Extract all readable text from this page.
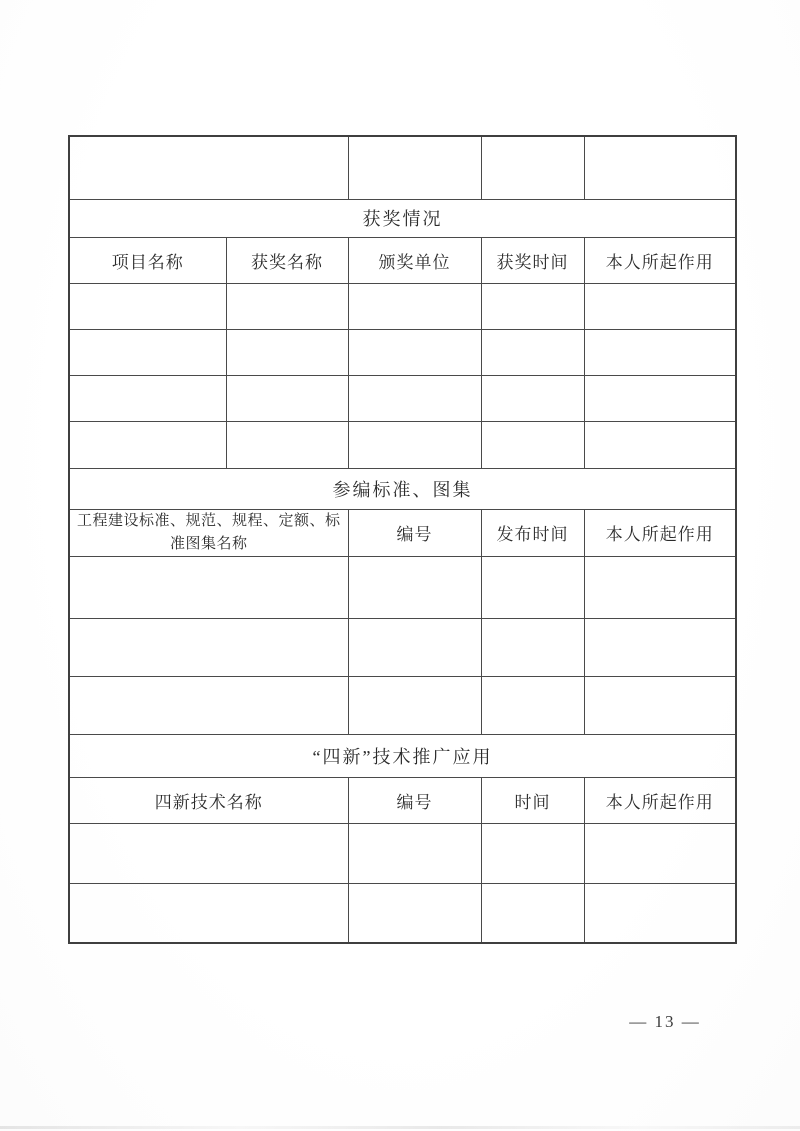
获奖情况				
项目名称	获奖名称	颁奖单位	获奖时间	本人所起作用

参编标准、图集				
工程建设标准、规范、规程、定额、标准图集名称		编号	发布时间	本人所起作用

“四新”技术推广应用				
四新技术名称		编号	时间	本人所起作用

— 13 —
